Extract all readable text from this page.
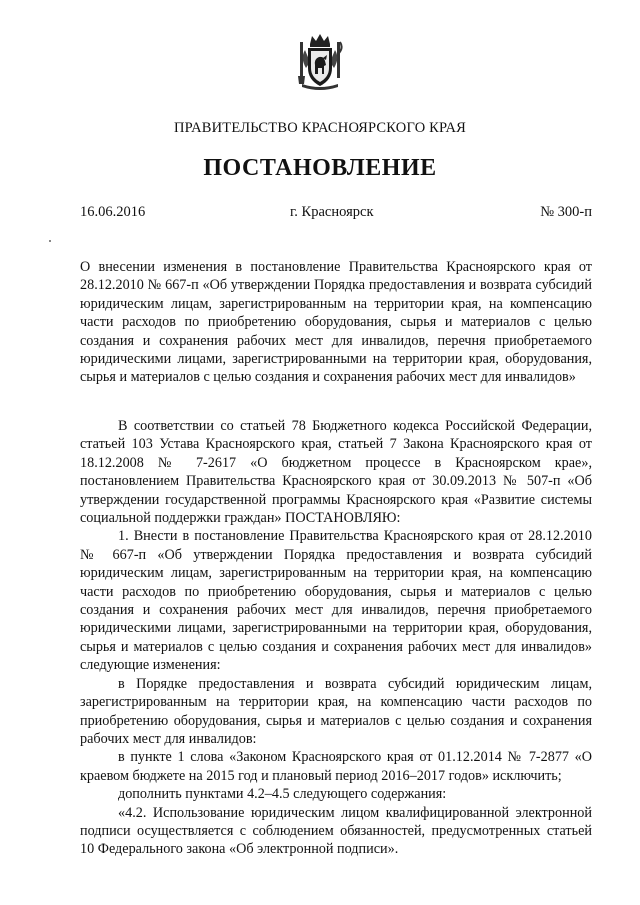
ПРАВИТЕЛЬСТВО КРАСНОЯРСКОГО КРАЯ
ПОСТАНОВЛЕНИЕ
16.06.2016	г. Красноярск	№ 300-п

О внесении изменения в постановление Правительства Красноярского края от 28.12.2010 № 667-п «Об утверждении Порядка предоставления и возврата субсидий юридическим лицам, зарегистрированным на территории края, на компенсацию части расходов по приобретению оборудования, сырья и материалов с целью создания и сохранения рабочих мест для инвалидов, перечня приобретаемого юридическими лицами, зарегистрированными на территории края, оборудования, сырья и материалов с целью создания и сохранения рабочих мест для инвалидов»

В соответствии со статьей 78 Бюджетного кодекса Российской Федерации, статьей 103 Устава Красноярского края, статьей 7 Закона Красноярского края от 18.12.2008 № 7-2617 «О бюджетном процессе в Красноярском крае», постановлением Правительства Красноярского края от 30.09.2013 № 507-п «Об утверждении государственной программы Красноярского края «Развитие системы социальной поддержки граждан» ПОСТАНОВЛЯЮ:

1. Внести в постановление Правительства Красноярского края от 28.12.2010 № 667-п «Об утверждении Порядка предоставления и возврата субсидий юридическим лицам, зарегистрированным на территории края, на компенсацию части расходов по приобретению оборудования, сырья и материалов с целью создания и сохранения рабочих мест для инвалидов, перечня приобретаемого юридическими лицами, зарегистрированными на территории края, оборудования, сырья и материалов с целью создания и сохранения рабочих мест для инвалидов» следующие изменения:

в Порядке предоставления и возврата субсидий юридическим лицам, зарегистрированным на территории края, на компенсацию части расходов по приобретению оборудования, сырья и материалов с целью создания и сохранения рабочих мест для инвалидов:

в пункте 1 слова «Законом Красноярского края от 01.12.2014 № 7-2877 «О краевом бюджете на 2015 год и плановый период 2016–2017 годов» исключить;

дополнить пунктами 4.2–4.5 следующего содержания:

«4.2. Использование юридическим лицом квалифицированной электронной подписи осуществляется с соблюдением обязанностей, предусмотренных статьей 10 Федерального закона «Об электронной подписи».
